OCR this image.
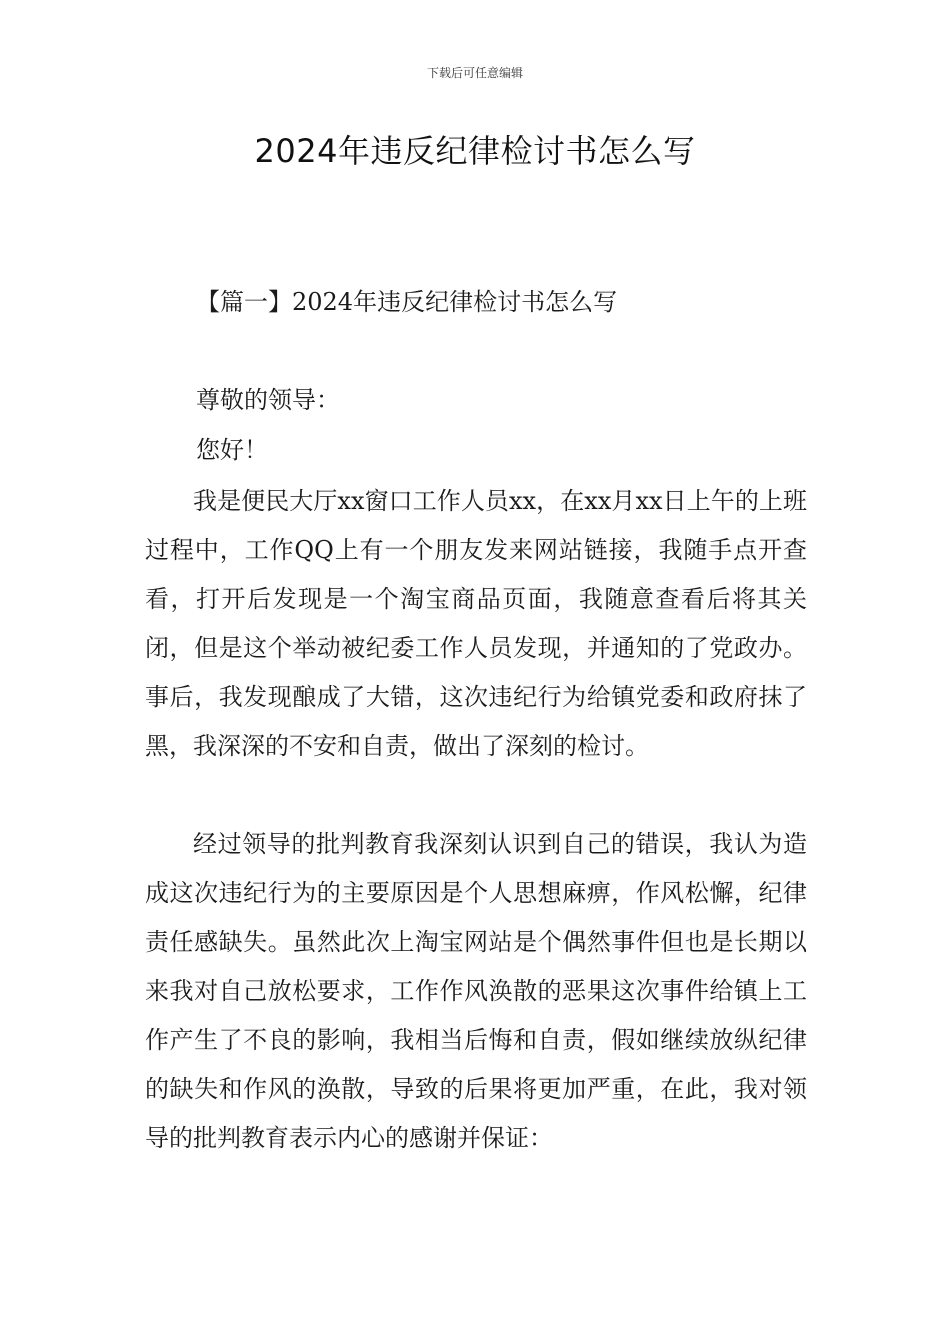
下载后可任意编辑
2024年违反纪律检讨书怎么写
【篇一】2024年违反纪律检讨书怎么写
尊敬的领导：
您好！

我是便民大厅xx窗口工作人员xx，在xx月xx日上午的上班过程中，工作QQ上有一个朋友发来网站链接，我随手点开查看，打开后发现是一个淘宝商品页面，我随意查看后将其关闭，但是这个举动被纪委工作人员发现，并通知的了党政办。事后，我发现酿成了大错，这次违纪行为给镇党委和政府抹了黑，我深深的不安和自责，做出了深刻的检讨。

经过领导的批判教育我深刻认识到自己的错误，我认为造成这次违纪行为的主要原因是个人思想麻痹，作风松懈，纪律责任感缺失。虽然此次上淘宝网站是个偶然事件但也是长期以来我对自己放松要求，工作作风涣散的恶果这次事件给镇上工作产生了不良的影响，我相当后悔和自责，假如继续放纵纪律的缺失和作风的涣散，导致的后果将更加严重，在此，我对领导的批判教育表示内心的感谢并保证：
